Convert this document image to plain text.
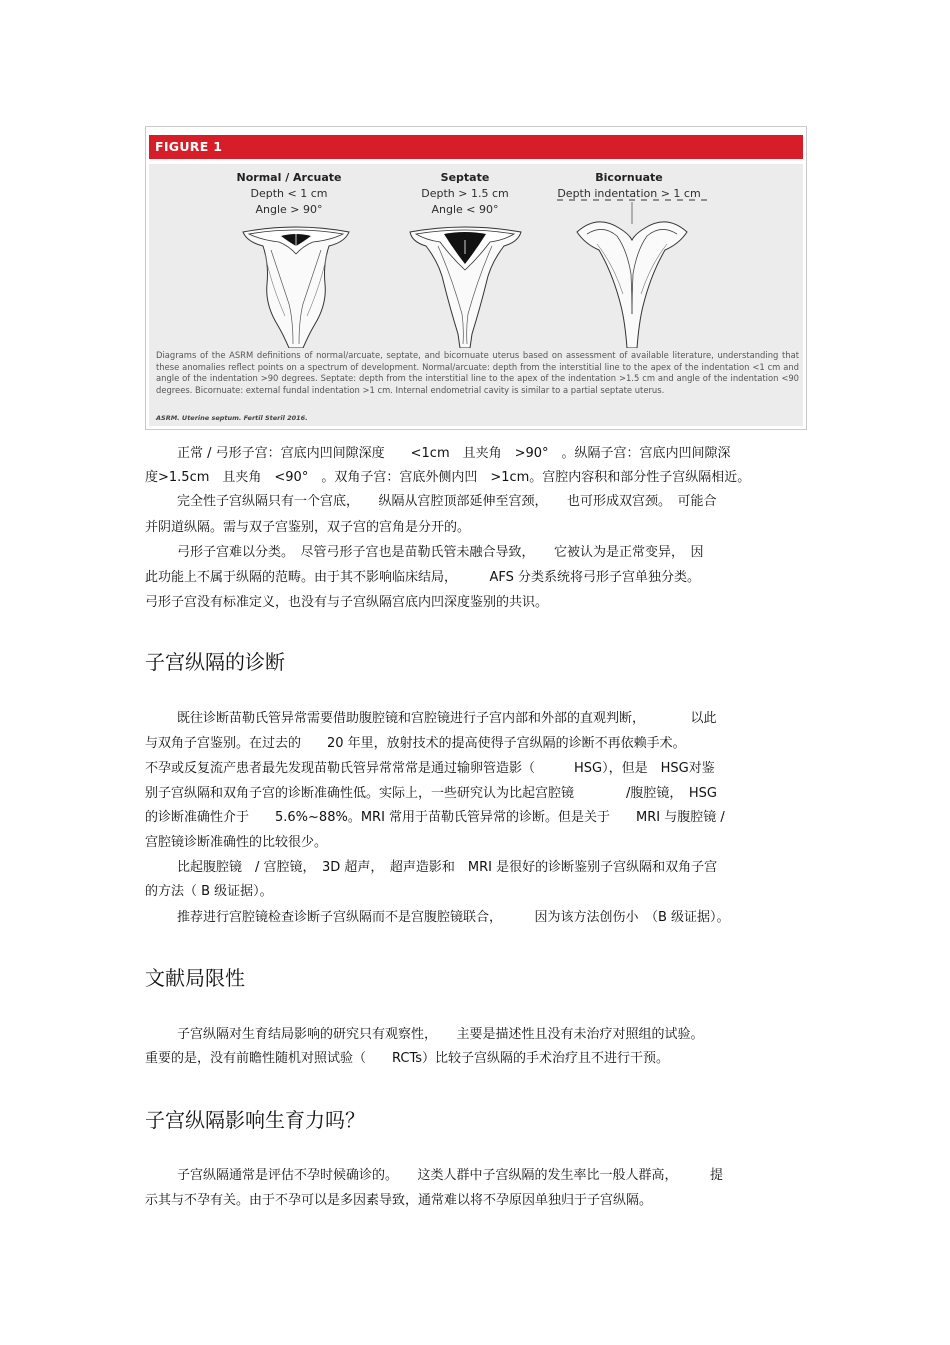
FIGURE 1
Normal / Arcuate
Depth < 1 cm
Angle > 90°
Septate
Depth > 1.5 cm
Angle < 90°
Bicornuate
Depth indentation > 1 cm
Diagrams of the ASRM definitions of normal/arcuate, septate, and bicornuate uterus based on assessment of available literature, understanding that these anomalies reflect points on a spectrum of development. Normal/arcuate: depth from the interstitial line to the apex of the indentation <1 cm and angle of the indentation >90 degrees. Septate: depth from the interstitial line to the apex of the indentation >1.5 cm and angle of the indentation <90 degrees. Bicornuate: external fundal indentation >1 cm. Internal endometrial cavity is similar to a partial septate uterus.
ASRM. Uterine septum. Fertil Steril 2016.
正常 / 弓形子宫：宫底内凹间隙深度　　<1cm　且夹角　>90°　。纵隔子宫：宫底内凹间隙深
度>1.5cm　且夹角　<90°　。双角子宫：宫底外侧内凹　>1cm。宫腔内容积和部分性子宫纵隔相近。
完全性子宫纵隔只有一个宫底，　　纵隔从宫腔顶部延伸至宫颈，　　也可形成双宫颈。　可能合
并阴道纵隔。需与双子宫鉴别，双子宫的宫角是分开的。
弓形子宫难以分类。　尽管弓形子宫也是苗勒氏管未融合导致，　　它被认为是正常变异，　因
此功能上不属于纵隔的范畴。由于其不影响临床结局，　　　AFS 分类系统将弓形子宫单独分类。
弓形子宫没有标准定义，也没有与子宫纵隔宫底内凹深度鉴别的共识。
子宫纵隔的诊断
既往诊断苗勒氏管异常需要借助腹腔镜和宫腔镜进行子宫内部和外部的直观判断，　　　　以此
与双角子宫鉴别。在过去的　　20 年里，放射技术的提高使得子宫纵隔的诊断不再依赖手术。
不孕或反复流产患者最先发现苗勒氏管异常常常是通过输卵管造影（　　　HSG），但是　HSG对鉴
别子宫纵隔和双角子宫的诊断准确性低。实际上，一些研究认为比起宫腔镜　　　　/腹腔镜，　HSG
的诊断准确性介于　　5.6%~88%。MRI 常用于苗勒氏管异常的诊断。但是关于　　MRI 与腹腔镜 /
宫腔镜诊断准确性的比较很少。
比起腹腔镜　/ 宫腔镜，　3D 超声，　超声造影和　MRI 是很好的诊断鉴别子宫纵隔和双角子宫
的方法（ B 级证据）。
推荐进行宫腔镜检查诊断子宫纵隔而不是宫腹腔镜联合，　　　因为该方法创伤小　（B 级证据）。
文献局限性
子宫纵隔对生育结局影响的研究只有观察性，　　主要是描述性且没有未治疗对照组的试验。
重要的是，没有前瞻性随机对照试验（　　RCTs）比较子宫纵隔的手术治疗且不进行干预。
子宫纵隔影响生育力吗？
子宫纵隔通常是评估不孕时候确诊的。　　这类人群中子宫纵隔的发生率比一般人群高，　　　提
示其与不孕有关。由于不孕可以是多因素导致，通常难以将不孕原因单独归于子宫纵隔。
